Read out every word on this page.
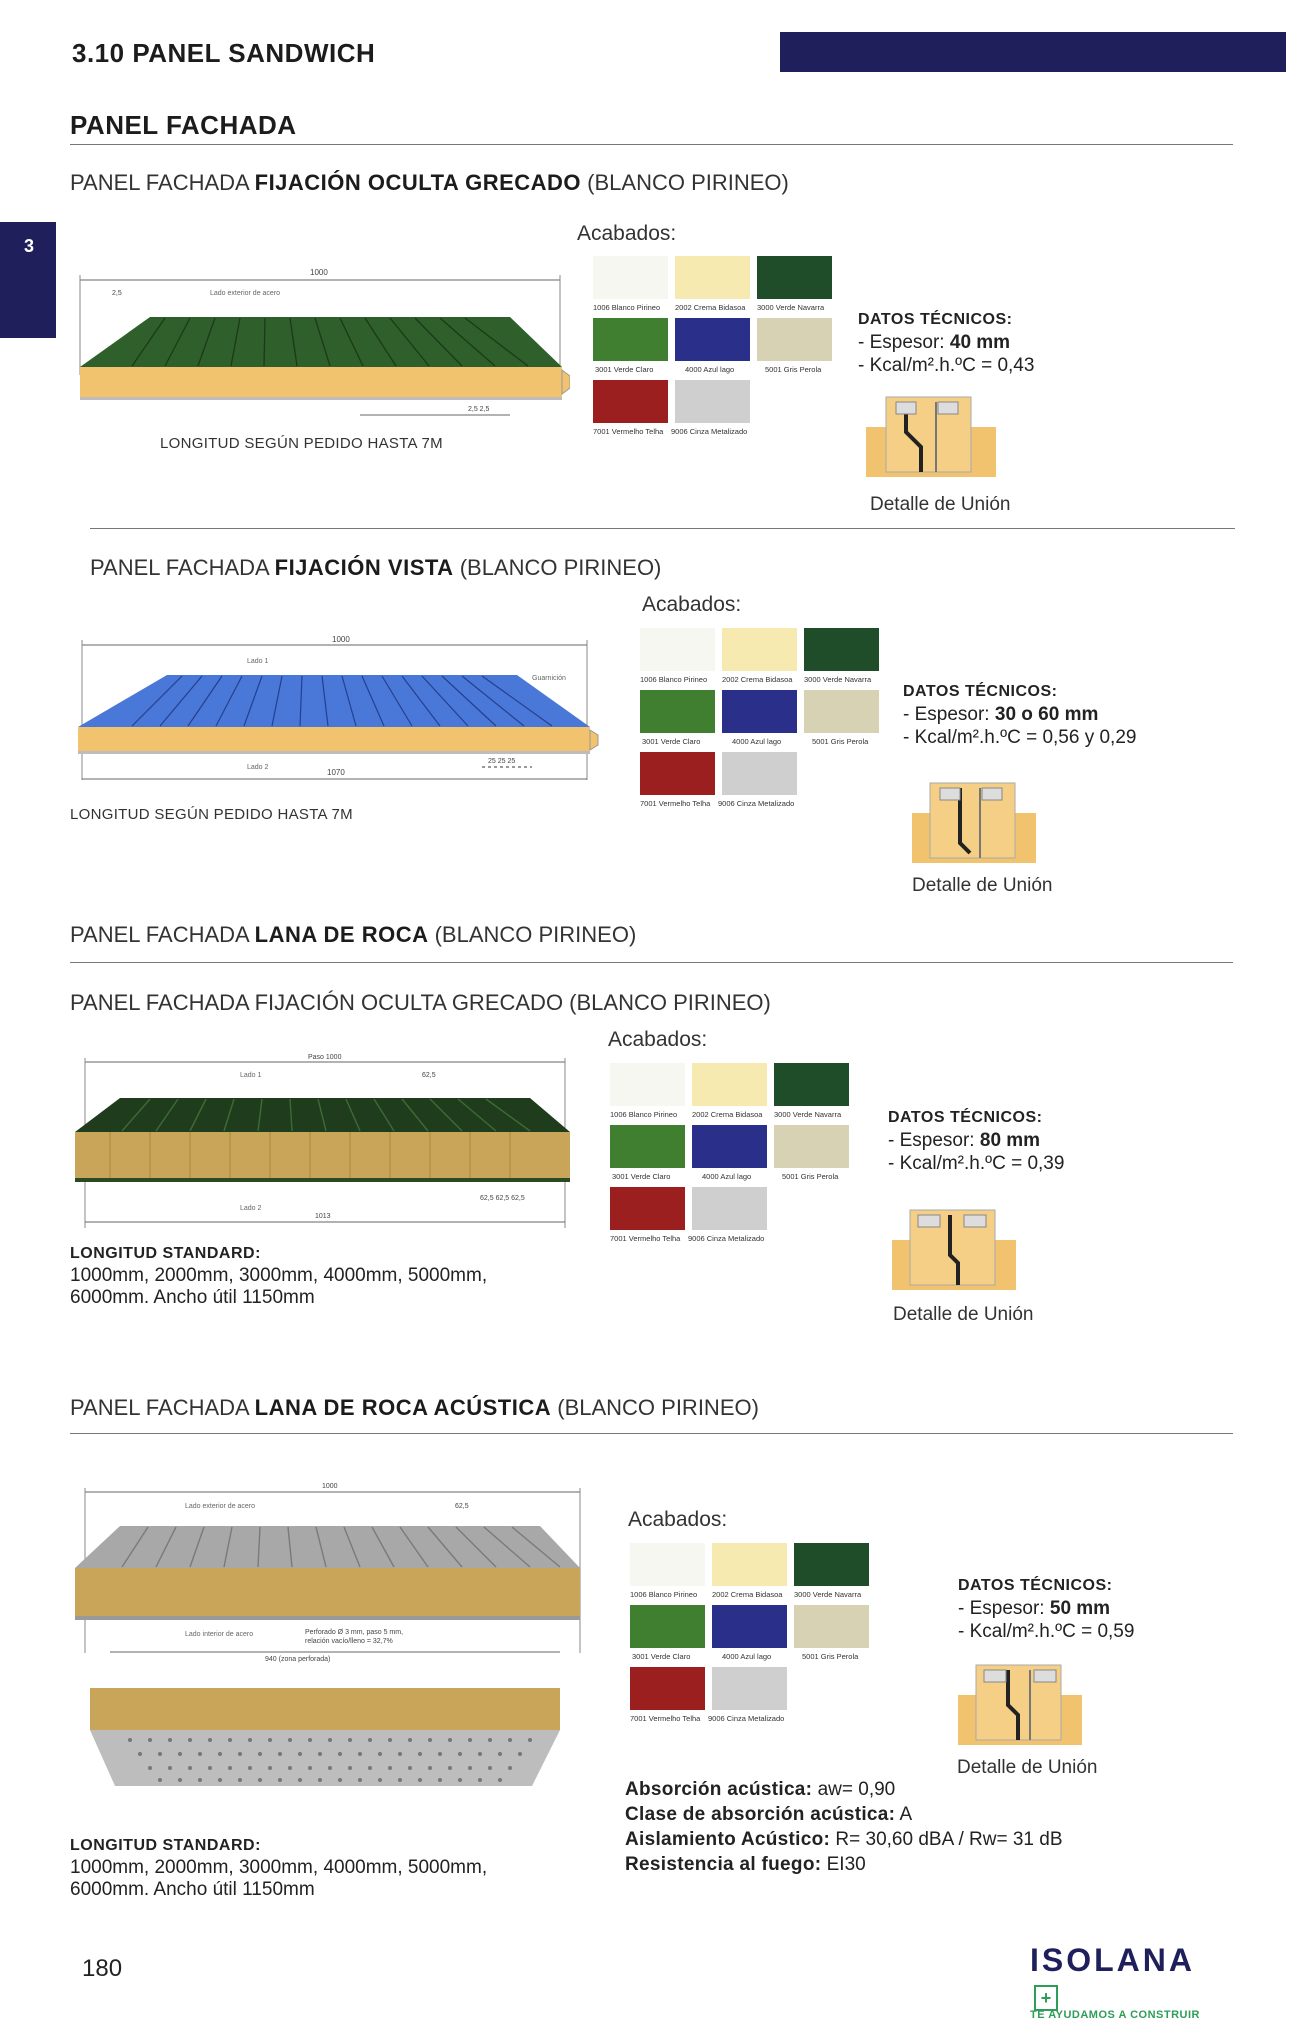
3.10 PANEL SANDWICH
3
PANEL FACHADA
PANEL FACHADA FIJACIÓN OCULTA GRECADO (BLANCO PIRINEO)
1000
Lado exterior de acero
2,5
2,5 2,5
LONGITUD SEGÚN PEDIDO HASTA 7M
Acabados:
1006 Blanco Pirineo 2002 Crema Bidasoa 3000 Verde Navarra
3001 Verde Claro	4000 Azul lago	5001 Gris Perola
7001 Vermelho Telha 9006 Cinza Metalizado
DATOS TÉCNICOS:
- Espesor: 40 mm
- Kcal/m².h.ºC = 0,43
Detalle de Unión
PANEL FACHADA FIJACIÓN VISTA (BLANCO PIRINEO)
1000
Lado 1
Guarnición
Lado 2
1070
25 25 25
LONGITUD SEGÚN PEDIDO HASTA 7M
Acabados:
1006 Blanco Pirineo 2002 Crema Bidasoa 3000 Verde Navarra
3001 Verde Claro	4000 Azul lago	5001 Gris Perola
7001 Vermelho Telha 9006 Cinza Metalizado
DATOS TÉCNICOS:
- Espesor: 30 o 60 mm
- Kcal/m².h.ºC = 0,56 y 0,29
Detalle de Unión
PANEL FACHADA LANA DE ROCA (BLANCO PIRINEO)
PANEL FACHADA FIJACIÓN OCULTA GRECADO (BLANCO PIRINEO)
Paso 1000
Lado 1	62,5
Lado 2
1013
62,5 62,5 62,5
LONGITUD STANDARD:
1000mm, 2000mm, 3000mm, 4000mm, 5000mm,
6000mm. Ancho útil 1150mm
Acabados:
1006 Blanco Pirineo 2002 Crema Bidasoa 3000 Verde Navarra
3001 Verde Claro	4000 Azul lago	5001 Gris Perola
7001 Vermelho Telha 9006 Cinza Metalizado
DATOS TÉCNICOS:
- Espesor: 80 mm
- Kcal/m².h.ºC = 0,39
Detalle de Unión
PANEL FACHADA LANA DE ROCA ACÚSTICA (BLANCO PIRINEO)
1000
Lado exterior de acero	62,5
Lado interior de acero	Perforado Ø 3 mm, paso 5 mm,
relación vacío/lleno = 32,7%
940 (zona perforada)
LONGITUD STANDARD:
1000mm, 2000mm, 3000mm, 4000mm, 5000mm,
6000mm. Ancho útil 1150mm
Acabados:
1006 Blanco Pirineo 2002 Crema Bidasoa 3000 Verde Navarra
3001 Verde Claro	4000 Azul lago	5001 Gris Perola
7001 Vermelho Telha 9006 Cinza Metalizado
DATOS TÉCNICOS:
- Espesor: 50 mm
- Kcal/m².h.ºC = 0,59
Detalle de Unión
Absorción acústica: aw= 0,90
Clase de absorción acústica: A
Aislamiento Acústico: R= 30,60 dBA / Rw= 31 dB
Resistencia al fuego: EI30
180	ISOLANA +
TE AYUDAMOS A CONSTRUIR
